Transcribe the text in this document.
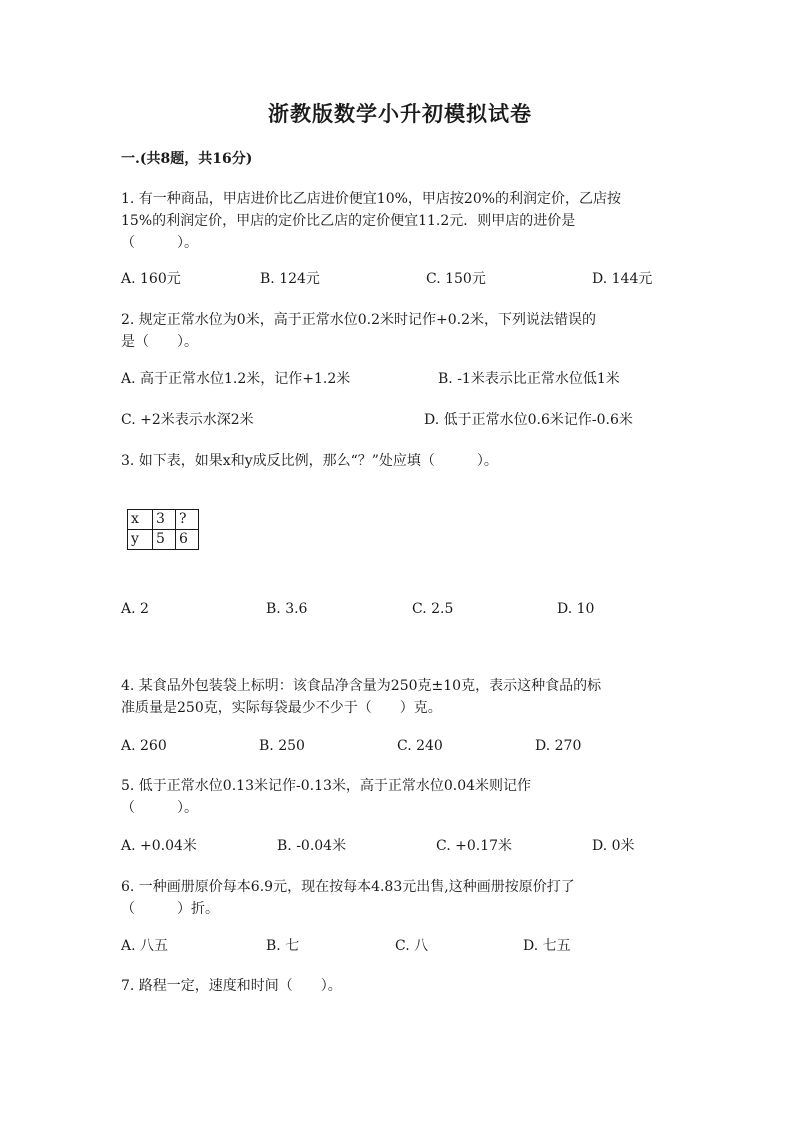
浙教版数学小升初模拟试卷
一.(共8题，共16分)
1. 有一种商品，甲店进价比乙店进价便宜10%，甲店按20%的利润定价，乙店按
15%的利润定价，甲店的定价比乙店的定价便宜11.2元．则甲店的进价是
（　　　）。
A. 160元	B. 124元	C. 150元	D. 144元
2. 规定正常水位为0米，高于正常水位0.2米时记作+0.2米，下列说法错误的
是（　　）。
A. 高于正常水位1.2米，记作+1.2米	B. -1米表示比正常水位低1米
C. +2米表示水深2米	D. 低于正常水位0.6米记作-0.6米
3. 如下表，如果x和y成反比例，那么“？”处应填（　　　）。
x	3	?
y	5	6
A. 2	B. 3.6	C. 2.5	D. 10
4. 某食品外包装袋上标明：该食品净含量为250克±10克，表示这种食品的标
准质量是250克，实际每袋最少不少于（　　）克。
A. 260	B. 250	C. 240	D. 270
5. 低于正常水位0.13米记作-0.13米，高于正常水位0.04米则记作
（　　　）。
A. +0.04米	B. -0.04米	C. +0.17米	D. 0米
6. 一种画册原价每本6.9元，现在按每本4.83元出售,这种画册按原价打了
（　　　）折。
A. 八五	B. 七	C. 八	D. 七五
7. 路程一定，速度和时间（　　）。
